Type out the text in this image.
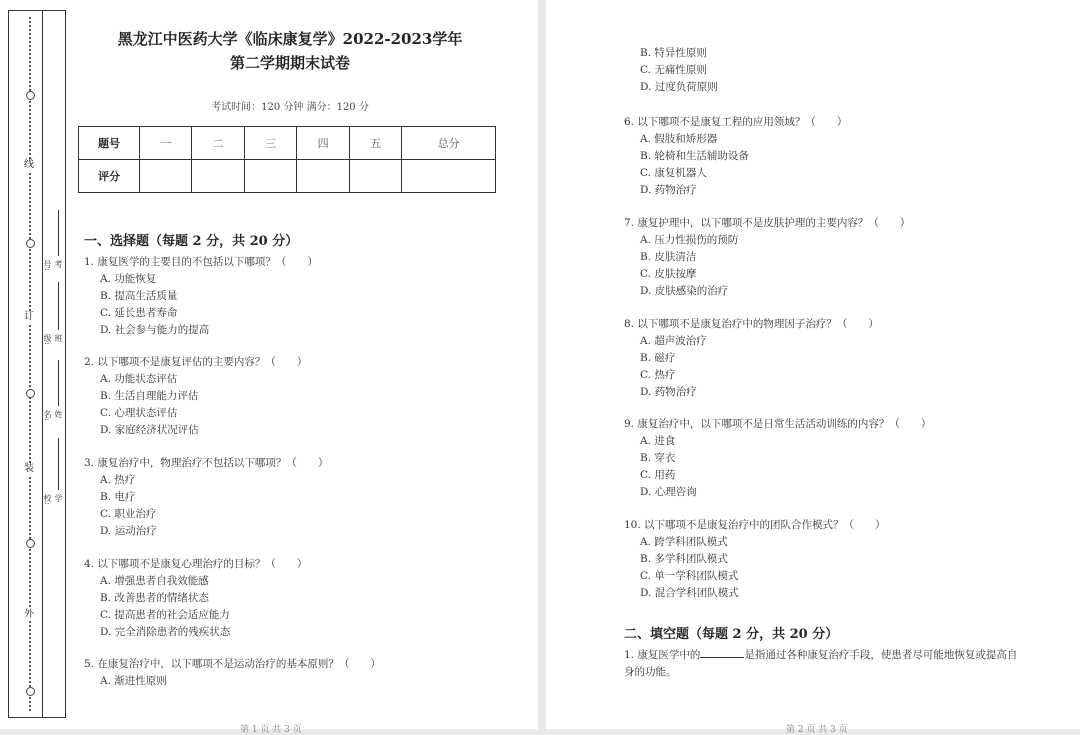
线
订
装
外
考号:
班级:
姓名:
学校:
黑龙江中医药大学《临床康复学》2022-2023学年
第二学期期末试卷
考试时间：120 分钟 满分：120 分
题号	一	二	三	四	五	总分
评分						
一、选择题（每题 2 分，共 20 分）
1. 康复医学的主要目的不包括以下哪项？（　　）
A. 功能恢复
B. 提高生活质量
C. 延长患者寿命
D. 社会参与能力的提高
2. 以下哪项不是康复评估的主要内容？（　　）
A. 功能状态评估
B. 生活自理能力评估
C. 心理状态评估
D. 家庭经济状况评估
3. 康复治疗中，物理治疗不包括以下哪项？（　　）
A. 热疗
B. 电疗
C. 职业治疗
D. 运动治疗
4. 以下哪项不是康复心理治疗的目标？（　　）
A. 增强患者自我效能感
B. 改善患者的情绪状态
C. 提高患者的社会适应能力
D. 完全消除患者的残疾状态
5. 在康复治疗中，以下哪项不是运动治疗的基本原则？（　　）
A. 渐进性原则
第 1 页 共 3 页
B. 特异性原则
C. 无痛性原则
D. 过度负荷原则
6. 以下哪项不是康复工程的应用领域？（　　）
A. 假肢和矫形器
B. 轮椅和生活辅助设备
C. 康复机器人
D. 药物治疗
7. 康复护理中，以下哪项不是皮肤护理的主要内容？（　　）
A. 压力性损伤的预防
B. 皮肤清洁
C. 皮肤按摩
D. 皮肤感染的治疗
8. 以下哪项不是康复治疗中的物理因子治疗？（　　）
A. 超声波治疗
B. 磁疗
C. 热疗
D. 药物治疗
9. 康复治疗中，以下哪项不是日常生活活动训练的内容？（　　）
A. 进食
B. 穿衣
C. 用药
D. 心理咨询
10. 以下哪项不是康复治疗中的团队合作模式？（　　）
A. 跨学科团队模式
B. 多学科团队模式
C. 单一学科团队模式
D. 混合学科团队模式
二、填空题（每题 2 分，共 20 分）
1. 康复医学中的	是指通过各种康复治疗手段，使患者尽可能地恢复或提高自
身的功能。
第 2 页 共 3 页
